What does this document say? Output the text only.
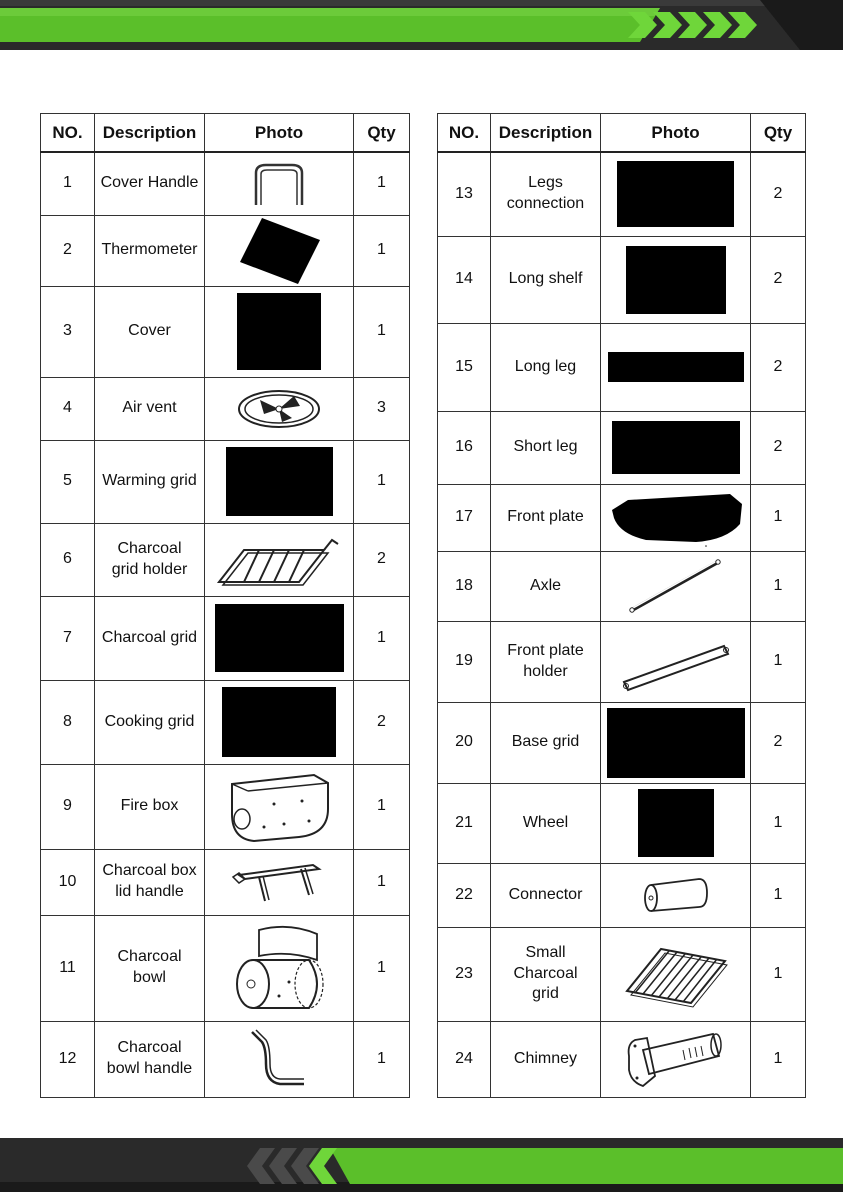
NO.	Description	Photo	Qty
1	Cover Handle		1
2	Thermometer		1
3	Cover		1
4	Air vent		3
5	Warming grid		1
6	Charcoal
grid holder		2
7	Charcoal grid		1
8	Cooking grid		2
9	Fire box		1
10	Charcoal box
lid handle		1
11	Charcoal
bowl		1
12	Charcoal
bowl handle		1
NO.	Description	Photo	Qty
13	Legs
connection		2
14	Long shelf		2
15	Long leg		2
16	Short leg		2
17	Front plate		1
18	Axle		1
19	Front plate
holder		1
20	Base grid		2
21	Wheel		1
22	Connector		1
23	Small
Charcoal
grid		1
24	Chimney		1
